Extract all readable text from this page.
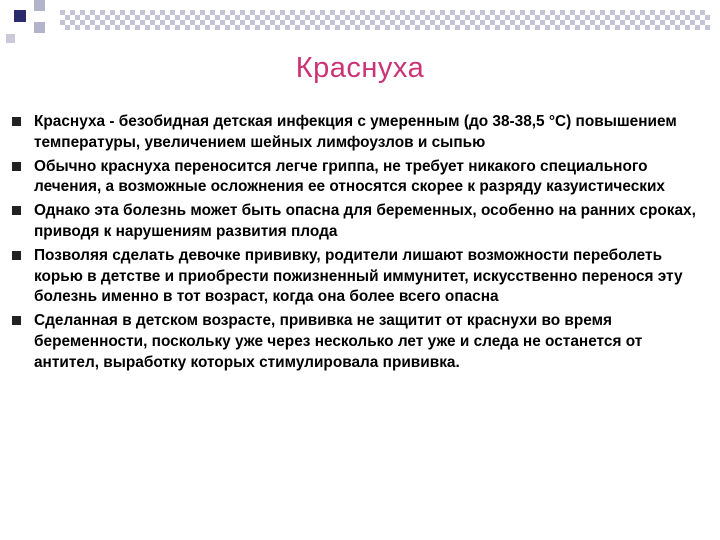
Краснуха
Краснуха - безобидная детская инфекция с умеренным (до 38-38,5 °С) повышением температуры, увеличением шейных лимфоузлов и сыпью
Обычно краснуха переносится легче гриппа, не требует никакого специального лечения, а возможные осложнения ее относятся скорее к разряду казуистических
Однако эта болезнь может быть опасна для беременных, особенно на ранних сроках, приводя к нарушениям развития плода
Позволяя сделать девочке прививку, родители лишают возможности переболеть корью в детстве и приобрести пожизненный иммунитет, искусственно перенося эту болезнь именно в тот возраст, когда она более всего опасна
Сделанная в детском возрасте, прививка не защитит от краснухи во время беременности, поскольку уже через несколько лет уже и следа не останется от антител, выработку которых стимулировала прививка.
